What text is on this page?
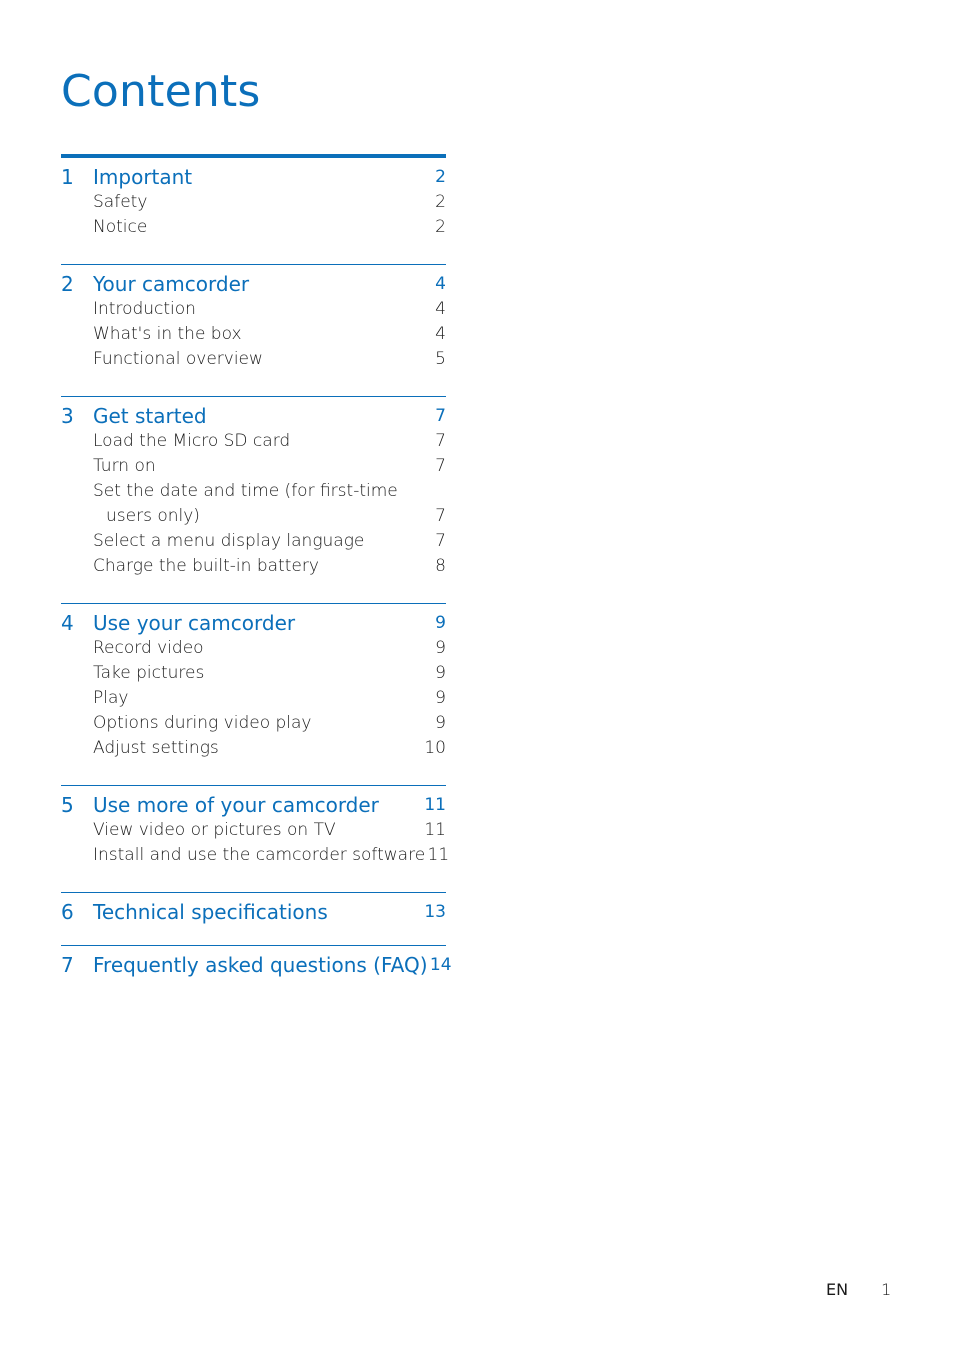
Contents
1 Important	2
Safety	2
Notice	2
2 Your camcorder	4
Introduction	4
What's in the box	4
Functional overview	5
3 Get started	7
Load the Micro SD card	7
Turn on	7
Set the date and time (for first-time
users only)	7
Select a menu display language	7
Charge the built-in battery	8
4 Use your camcorder	9
Record video	9
Take pictures	9
Play	9
Options during video play	9
Adjust settings	10
5 Use more of your camcorder	11
View video or pictures on TV	11
Install and use the camcorder software 11
6 Technical specifications	13
7 Frequently asked questions (FAQ) 14
EN 1
